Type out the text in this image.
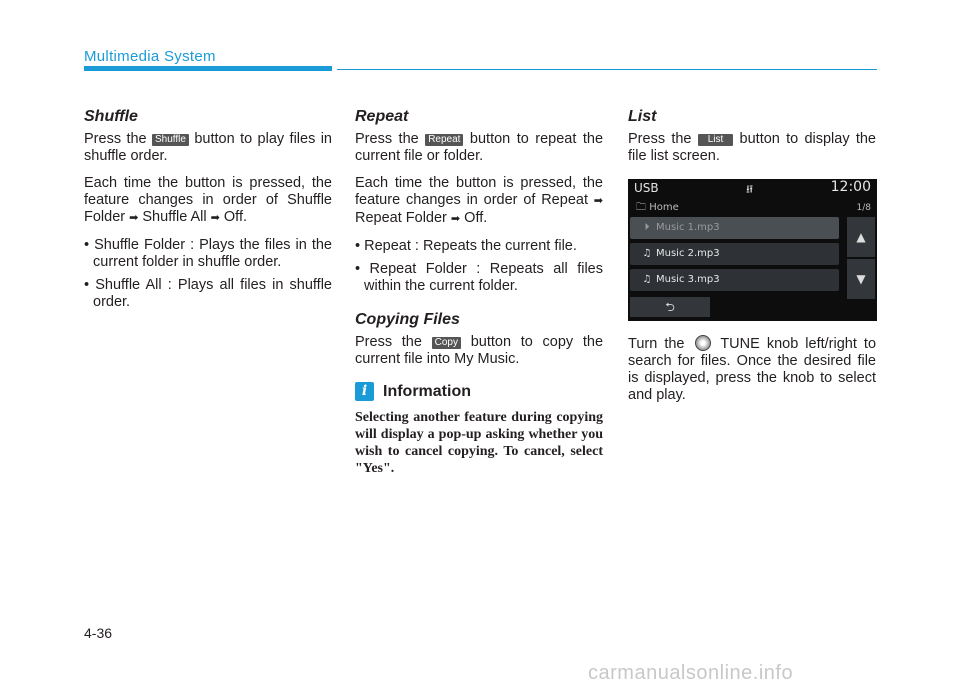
Multimedia System
Shuffle

Press the Shuffle button to play files in shuffle order.

Each time the button is pressed, the feature changes in order of Shuffle Folder ➡ Shuffle All ➡ Off.

• Shuffle Folder : Plays the files in the current folder in shuffle order.
• Shuffle All : Plays all files in shuffle order.
Repeat

Press the Repeat button to repeat the current file or folder.

Each time the button is pressed, the feature changes in order of Repeat ➡ Repeat Folder ➡ Off.

• Repeat : Repeats the current file.
• Repeat Folder : Repeats all files within the current folder.
Copying Files

Press the Copy button to copy the current file into My Music.

i Information
Selecting another feature during copying will display a pop-up asking whether you wish to cancel copying. To cancel, select "Yes".
List

Press the List button to display the file list screen.

USB	⭿	12:00
🗀 Home	1/8
⏵ Music 1.mp3
♫ Music 2.mp3
♫ Music 3.mp3
▲
▼
⮌

Turn the TUNE knob left/right to search for files. Once the desired file is displayed, press the knob to select and play.

4-36
carmanualsonline.info
